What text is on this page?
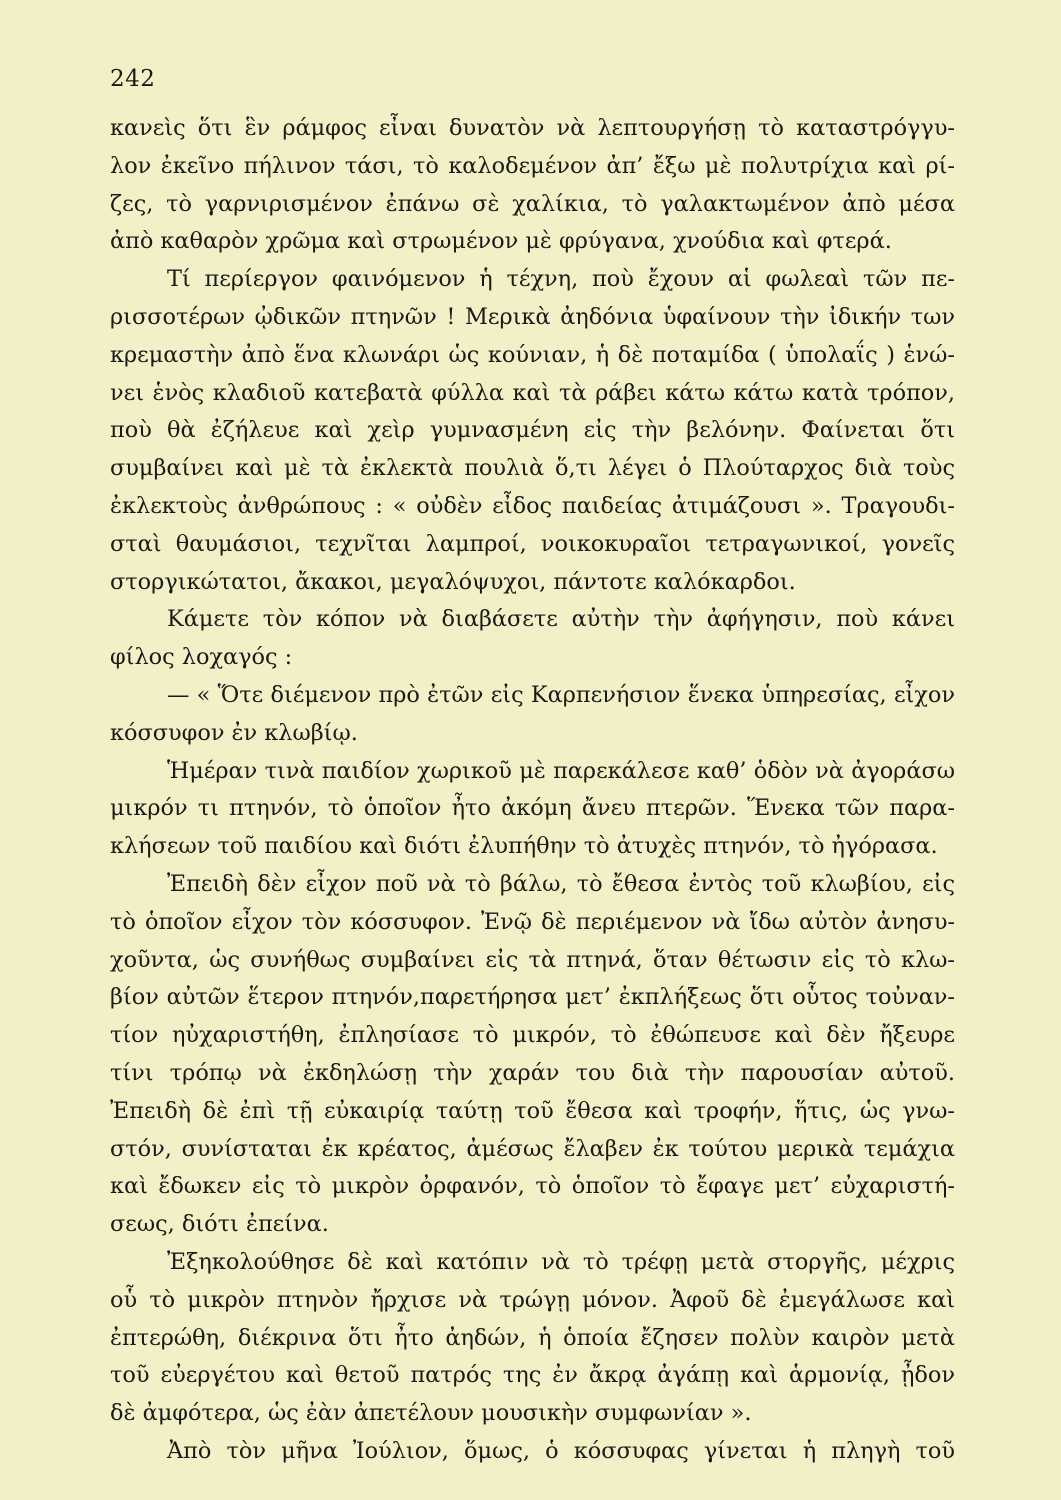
242
κανεὶς ὅτι ἓν ράμφος εἶναι δυνατὸν νὰ λεπτουργήσῃ τὸ καταστρόγγυ-
λον ἐκεῖνο πήλινον τάσι, τὸ καλοδεμένον ἀπ’ ἔξω μὲ πολυτρίχια καὶ ρί-
ζες, τὸ γαρνιρισμένον ἐπάνω σὲ χαλίκια, τὸ γαλακτωμένον ἀπὸ μέσα
ἀπὸ καθαρὸν χρῶμα καὶ στρωμένον μὲ φρύγανα, χνούδια καὶ φτερά.
Τί περίεργον φαινόμενον ἡ τέχνη, ποὺ ἔχουν αἱ φωλεαὶ τῶν πε-
ρισσοτέρων ᾠδικῶν πτηνῶν ! Μερικὰ ἀηδόνια ὑφαίνουν τὴν ἰδικήν των
κρεμαστὴν ἀπὸ ἕνα κλωνάρι ὡς κούνιαν, ἡ δὲ ποταμίδα ( ὑπολαΐς ) ἑνώ-
νει ἑνὸς κλαδιοῦ κατεβατὰ φύλλα καὶ τὰ ράβει κάτω κάτω κατὰ τρόπον,
ποὺ θὰ ἐζήλευε καὶ χεὶρ γυμνασμένη εἰς τὴν βελόνην. Φαίνεται ὅτι
συμβαίνει καὶ μὲ τὰ ἐκλεκτὰ πουλιὰ ὅ,τι λέγει ὁ Πλούταρχος διὰ τοὺς
ἐκλεκτοὺς ἀνθρώπους : « οὐδὲν εἶδος παιδείας ἀτιμάζουσι ». Τραγουδι-
σταὶ θαυμάσιοι, τεχνῖται λαμπροί, νοικοκυραῖοι τετραγωνικοί, γονεῖς
στοργικώτατοι, ἄκακοι, μεγαλόψυχοι, πάντοτε καλόκαρδοι.
Κάμετε τὸν κόπον νὰ διαβάσετε αὐτὴν τὴν ἀφήγησιν, ποὺ κάνει
φίλος λοχαγός :
— « Ὅτε διέμενον πρὸ ἐτῶν εἰς Καρπενήσιον ἕνεκα ὑπηρεσίας, εἶχον
κόσσυφον ἐν κλωβίῳ.
Ἡμέραν τινὰ παιδίον χωρικοῦ μὲ παρεκάλεσε καθ’ ὁδὸν νὰ ἀγοράσω
μικρόν τι πτηνόν, τὸ ὁποῖον ἦτο ἀκόμη ἄνευ πτερῶν. Ἕνεκα τῶν παρα-
κλήσεων τοῦ παιδίου καὶ διότι ἐλυπήθην τὸ ἀτυχὲς πτηνόν, τὸ ἠγόρασα.
Ἐπειδὴ δὲν εἶχον ποῦ νὰ τὸ βάλω, τὸ ἔθεσα ἐντὸς τοῦ κλωβίου, εἰς
τὸ ὁποῖον εἶχον τὸν κόσσυφον. Ἐνῷ δὲ περιέμενον νὰ ἴδω αὐτὸν ἀνησυ-
χοῦντα, ὡς συνήθως συμβαίνει εἰς τὰ πτηνά, ὅταν θέτωσιν εἰς τὸ κλω-
βίον αὐτῶν ἕτερον πτηνόν,παρετήρησα μετ’ ἐκπλήξεως ὅτι οὗτος τοὐναν-
τίον ηὐχαριστήθη, ἐπλησίασε τὸ μικρόν, τὸ ἐθώπευσε καὶ δὲν ἤξευρε
τίνι τρόπῳ νὰ ἐκδηλώσῃ τὴν χαράν του διὰ τὴν παρουσίαν αὐτοῦ.
Ἐπειδὴ δὲ ἐπὶ τῇ εὐκαιρίᾳ ταύτῃ τοῦ ἔθεσα καὶ τροφήν, ἥτις, ὡς γνω-
στόν, συνίσταται ἐκ κρέατος, ἀμέσως ἔλαβεν ἐκ τούτου μερικὰ τεμάχια
καὶ ἔδωκεν εἰς τὸ μικρὸν ὀρφανόν, τὸ ὁποῖον τὸ ἔφαγε μετ’ εὐχαριστή-
σεως, διότι ἐπείνα.
Ἐξηκολούθησε δὲ καὶ κατόπιν νὰ τὸ τρέφῃ μετὰ στοργῆς, μέχρις
οὗ τὸ μικρὸν πτηνὸν ἤρχισε νὰ τρώγῃ μόνον. Ἀφοῦ δὲ ἐμεγάλωσε καὶ
ἐπτερώθη, διέκρινα ὅτι ἦτο ἀηδών, ἡ ὁποία ἔζησεν πολὺν καιρὸν μετὰ
τοῦ εὐεργέτου καὶ θετοῦ πατρός της ἐν ἄκρᾳ ἀγάπῃ καὶ ἁρμονίᾳ, ᾖδον
δὲ ἀμφότερα, ὡς ἐὰν ἀπετέλουν μουσικὴν συμφωνίαν ».
Ἀπὸ τὸν μῆνα Ἰούλιον, ὅμως, ὁ κόσσυφας γίνεται ἡ πληγὴ τοῦ
